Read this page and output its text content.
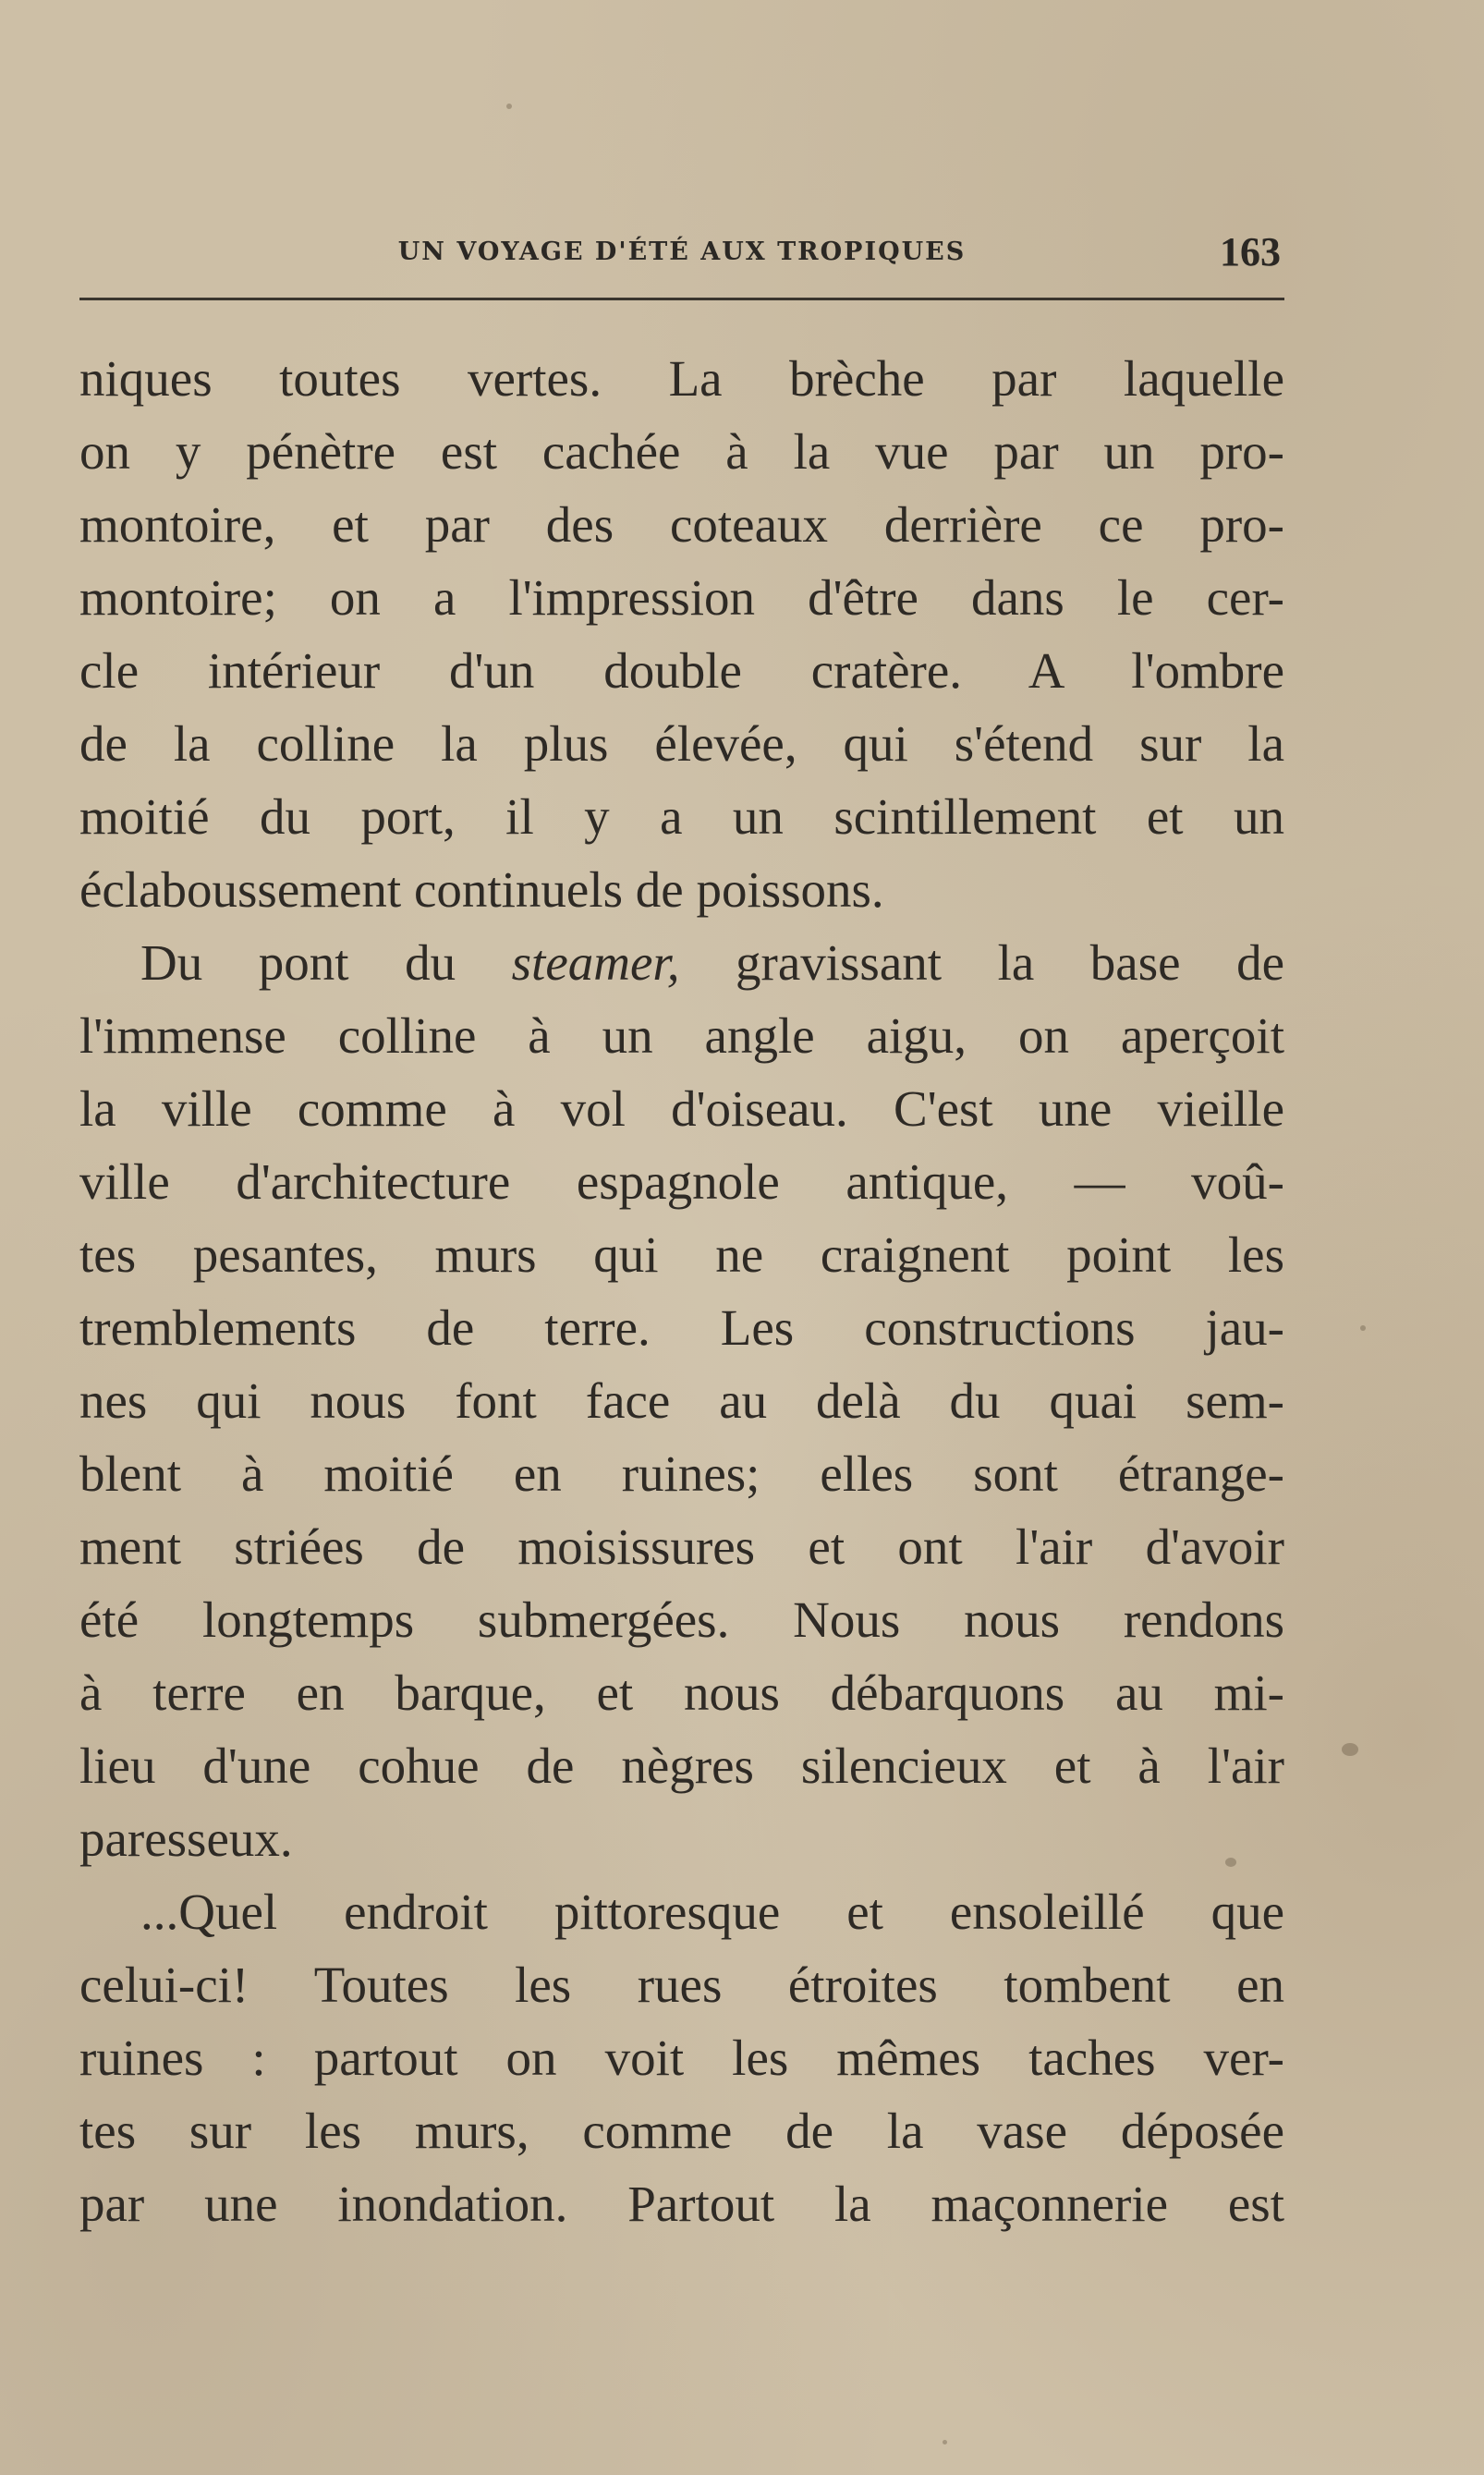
UN VOYAGE D'ÉTÉ AUX TROPIQUES	163
niques toutes vertes. La brèche par laquelle
on y pénètre est cachée à la vue par un pro-
montoire, et par des coteaux derrière ce pro-
montoire; on a l'impression d'être dans le cer-
cle intérieur d'un double cratère. A l'ombre
de la colline la plus élevée, qui s'étend sur la
moitié du port, il y a un scintillement et un
éclaboussement continuels de poissons.
Du pont du steamer, gravissant la base de
l'immense colline à un angle aigu, on aperçoit
la ville comme à vol d'oiseau. C'est une vieille
ville d'architecture espagnole antique, — voû-
tes pesantes, murs qui ne craignent point les
tremblements de terre. Les constructions jau-
nes qui nous font face au delà du quai sem-
blent à moitié en ruines; elles sont étrange-
ment striées de moisissures et ont l'air d'avoir
été longtemps submergées. Nous nous rendons
à terre en barque, et nous débarquons au mi-
lieu d'une cohue de nègres silencieux et à l'air
paresseux.
...Quel endroit pittoresque et ensoleillé que
celui-ci! Toutes les rues étroites tombent en
ruines : partout on voit les mêmes taches ver-
tes sur les murs, comme de la vase déposée
par une inondation. Partout la maçonnerie est
